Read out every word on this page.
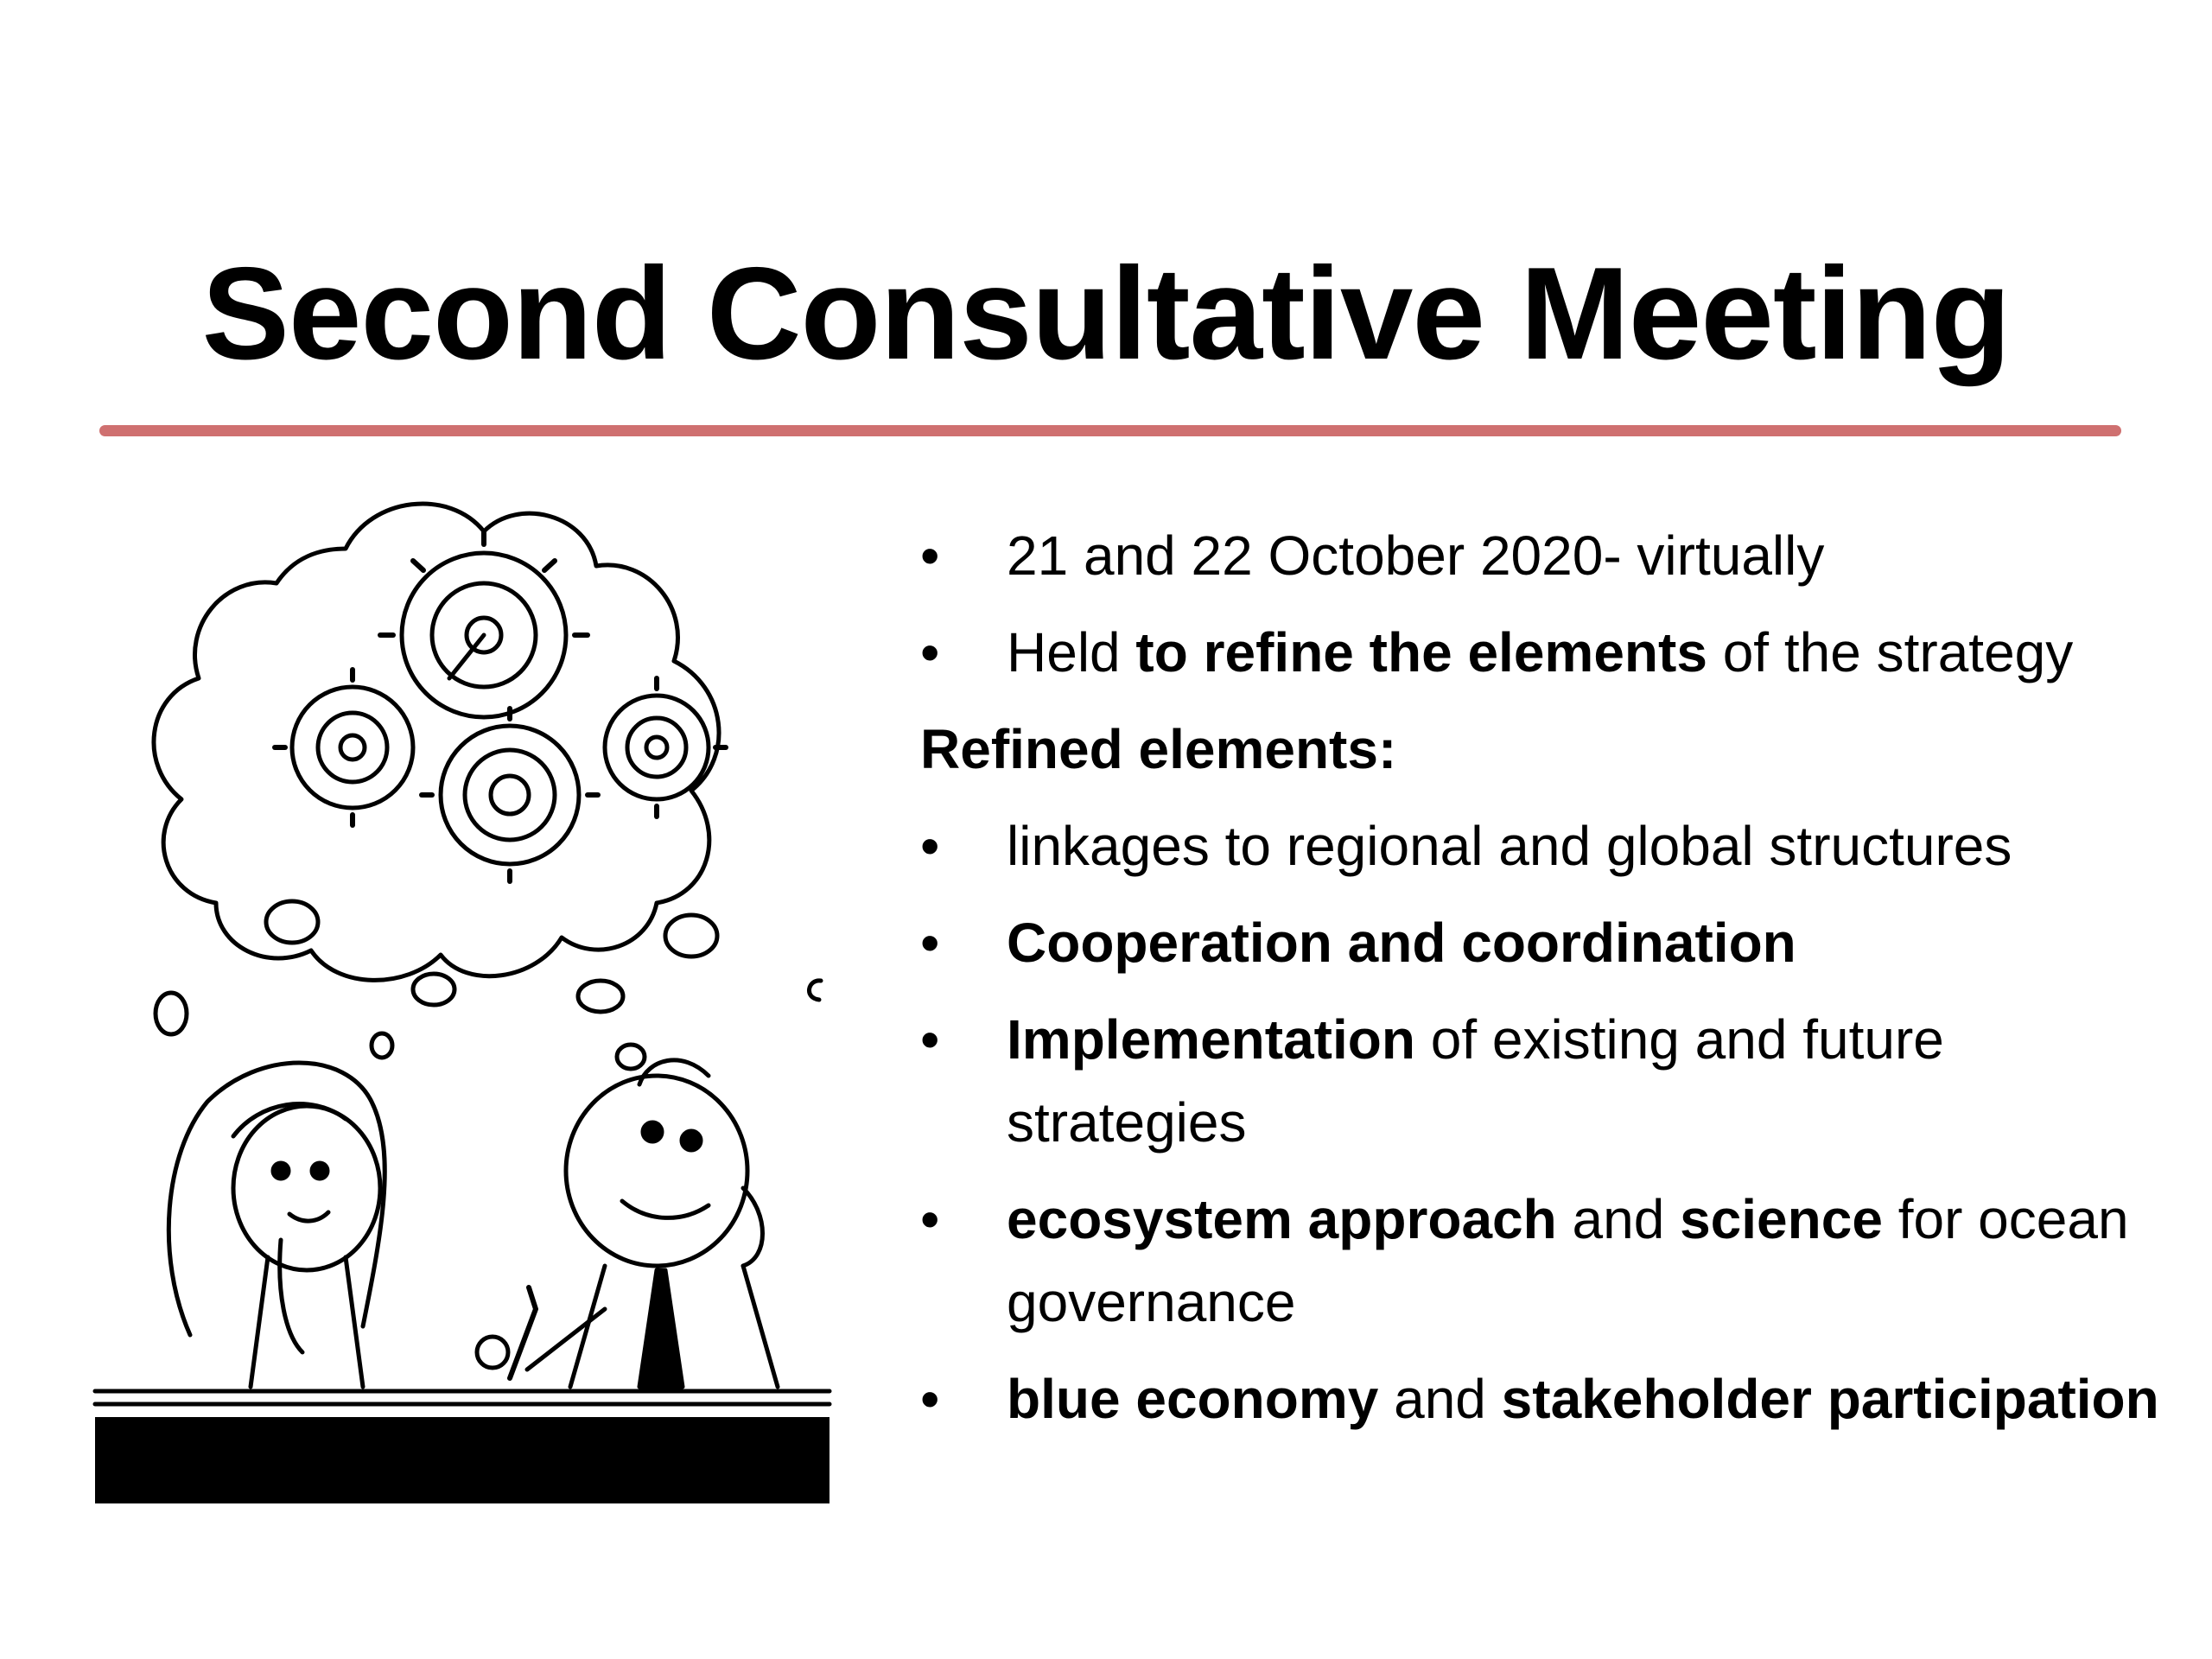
Second Consultative Meeting
•	21 and 22 October 2020- virtually
•	Held to refine the elements of the strategy
Refined elements:
•	linkages to regional and global structures
•	Cooperation and coordination
•	Implementation of existing and future strategies
•	ecosystem approach and science for ocean governance
•	blue economy and stakeholder participation
